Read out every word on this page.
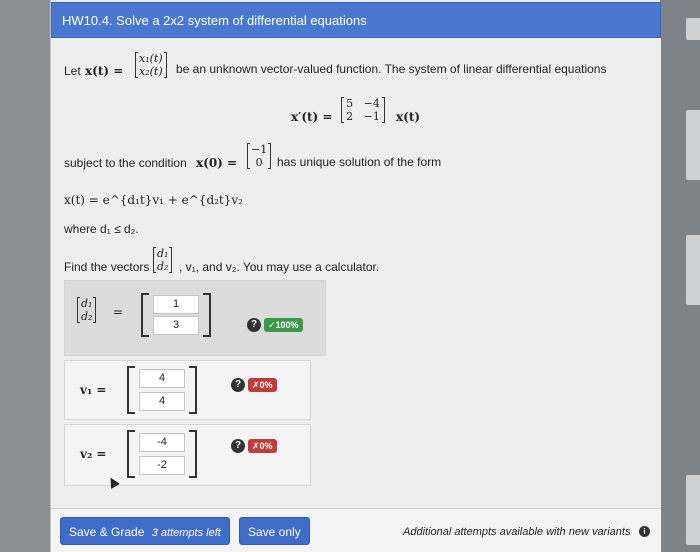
HW10.4. Solve a 2x2 system of differential equations
Let x(t) =
x₁(t)
x₂(t) be an unknown vector-valued function. The system of linear differential equations
x′(t) =
5 −4
2 −1 x(t)
subject to the condition x(0) =
−1
0	has unique solution of the form
x(t) = e^{d₁t}v₁ + e^{d₂t}v₂
where d₁ ≤ d₂.
Find the vectors
d₁
d₂ , v₁, and v₂. You may use a calculator.
d₁
d₂ =
1
3	?	✓100%
v₁ =
4
4
?	✗0%
v₂ =
-4
-2
?	✗0%
Save & Grade 3 attempts left	Save only	Additional attempts available with new variants	i
